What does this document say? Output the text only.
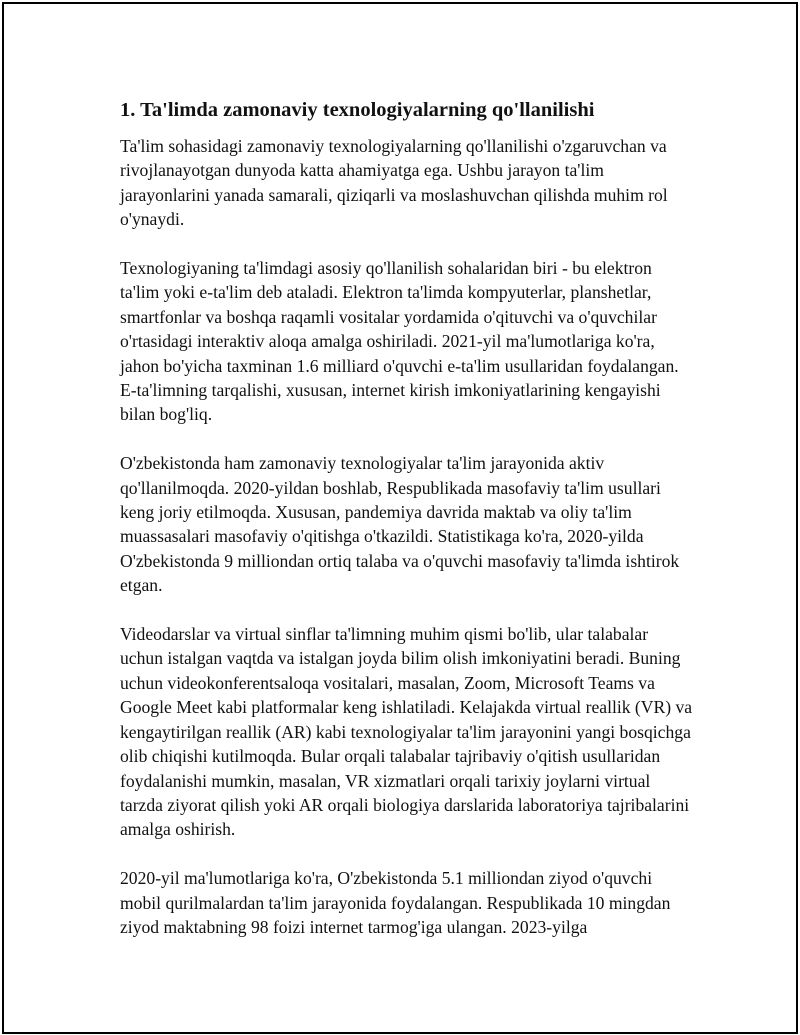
1. Ta'limda zamonaviy texnologiyalarning qo'llanilishi

Ta'lim sohasidagi zamonaviy texnologiyalarning qo'llanilishi o'zgaruvchan va rivojlanayotgan dunyoda katta ahamiyatga ega. Ushbu jarayon ta'lim jarayonlarini yanada samarali, qiziqarli va moslashuvchan qilishda muhim rol o'ynaydi.

Texnologiyaning ta'limdagi asosiy qo'llanilish sohalaridan biri - bu elektron ta'lim yoki e-ta'lim deb ataladi. Elektron ta'limda kompyuterlar, planshetlar, smartfonlar va boshqa raqamli vositalar yordamida o'qituvchi va o'quvchilar o'rtasidagi interaktiv aloqa amalga oshiriladi. 2021-yil ma'lumotlariga ko'ra, jahon bo'yicha taxminan 1.6 milliard o'quvchi e-ta'lim usullaridan foydalangan. E-ta'limning tarqalishi, xususan, internet kirish imkoniyatlarining kengayishi bilan bog'liq.

O'zbekistonda ham zamonaviy texnologiyalar ta'lim jarayonida aktiv qo'llanilmoqda. 2020-yildan boshlab, Respublikada masofaviy ta'lim usullari keng joriy etilmoqda. Xususan, pandemiya davrida maktab va oliy ta'lim muassasalari masofaviy o'qitishga o'tkazildi. Statistikaga ko'ra, 2020-yilda O'zbekistonda 9 milliondan ortiq talaba va o'quvchi masofaviy ta'limda ishtirok etgan.

Videodarslar va virtual sinflar ta'limning muhim qismi bo'lib, ular talabalar uchun istalgan vaqtda va istalgan joyda bilim olish imkoniyatini beradi. Buning uchun videokonferentsaloqa vositalari, masalan, Zoom, Microsoft Teams va Google Meet kabi platformalar keng ishlatiladi. Kelajakda virtual reallik (VR) va kengaytirilgan reallik (AR) kabi texnologiyalar ta'lim jarayonini yangi bosqichga olib chiqishi kutilmoqda. Bular orqali talabalar tajribaviy o'qitish usullaridan foydalanishi mumkin, masalan, VR xizmatlari orqali tarixiy joylarni virtual tarzda ziyorat qilish yoki AR orqali biologiya darslarida laboratoriya tajribalarini amalga oshirish.

2020-yil ma'lumotlariga ko'ra, O'zbekistonda 5.1 milliondan ziyod o'quvchi mobil qurilmalardan ta'lim jarayonida foydalangan. Respublikada 10 mingdan ziyod maktabning 98 foizi internet tarmog'iga ulangan. 2023-yilga
